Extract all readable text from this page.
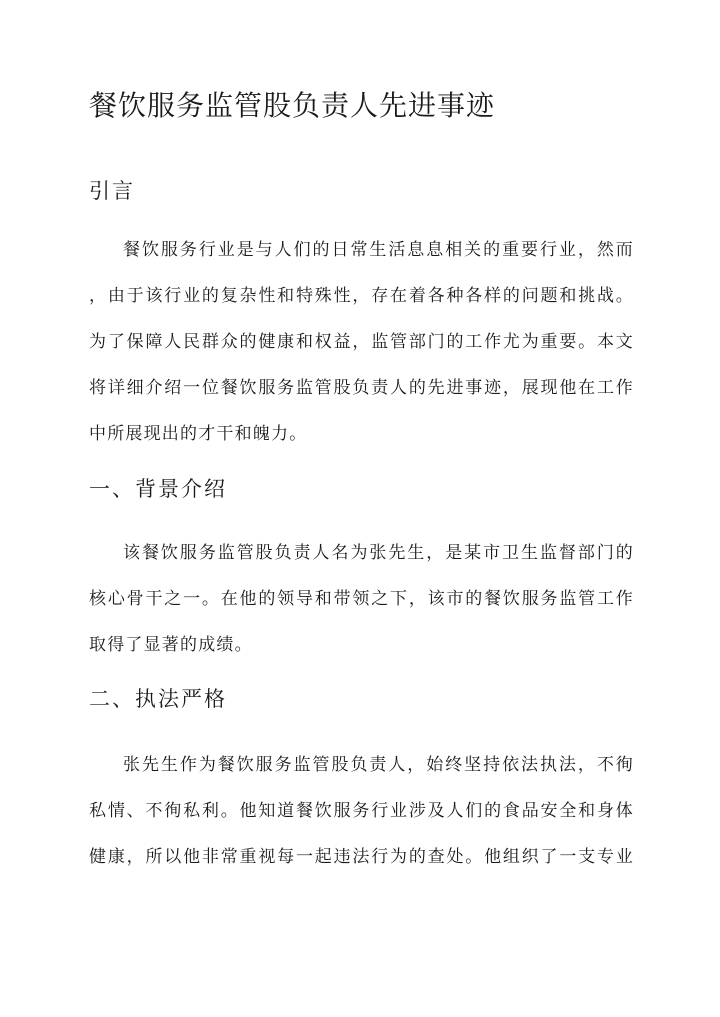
餐饮服务监管股负责人先进事迹
引言
餐饮服务行业是与人们的日常生活息息相关的重要行业，然而
，由于该行业的复杂性和特殊性，存在着各种各样的问题和挑战。
为了保障人民群众的健康和权益，监管部门的工作尤为重要。本文
将详细介绍一位餐饮服务监管股负责人的先进事迹，展现他在工作
中所展现出的才干和魄力。
一、背景介绍
该餐饮服务监管股负责人名为张先生，是某市卫生监督部门的
核心骨干之一。在他的领导和带领之下，该市的餐饮服务监管工作
取得了显著的成绩。
二、执法严格
张先生作为餐饮服务监管股负责人，始终坚持依法执法，不徇
私情、不徇私利。他知道餐饮服务行业涉及人们的食品安全和身体
健康，所以他非常重视每一起违法行为的查处。他组织了一支专业
